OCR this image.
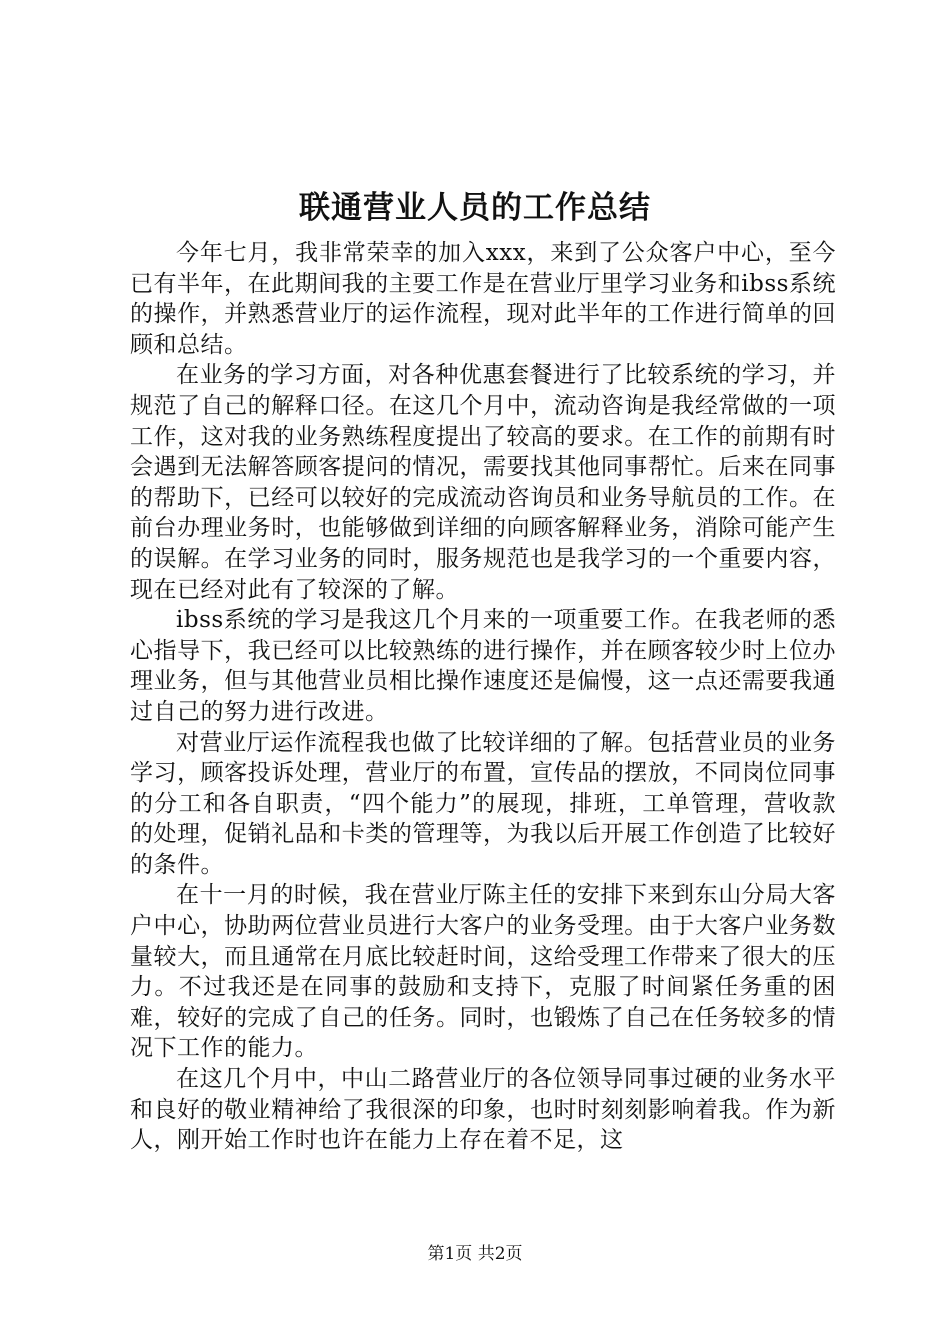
联通营业人员的工作总结

今年七月，我非常荣幸的加入xxx，来到了公众客户中心，至今已有半年，在此期间我的主要工作是在营业厅里学习业务和ibss系统的操作，并熟悉营业厅的运作流程，现对此半年的工作进行简单的回顾和总结。

在业务的学习方面，对各种优惠套餐进行了比较系统的学习，并规范了自己的解释口径。在这几个月中，流动咨询是我经常做的一项工作，这对我的业务熟练程度提出了较高的要求。在工作的前期有时会遇到无法解答顾客提问的情况，需要找其他同事帮忙。后来在同事的帮助下，已经可以较好的完成流动咨询员和业务导航员的工作。在前台办理业务时，也能够做到详细的向顾客解释业务，消除可能产生的误解。在学习业务的同时，服务规范也是我学习的一个重要内容，现在已经对此有了较深的了解。

ibss系统的学习是我这几个月来的一项重要工作。在我老师的悉心指导下，我已经可以比较熟练的进行操作，并在顾客较少时上位办理业务，但与其他营业员相比操作速度还是偏慢，这一点还需要我通过自己的努力进行改进。

对营业厅运作流程我也做了比较详细的了解。包括营业员的业务学习，顾客投诉处理，营业厅的布置，宣传品的摆放，不同岗位同事的分工和各自职责，“四个能力”的展现，排班，工单管理，营收款的处理，促销礼品和卡类的管理等，为我以后开展工作创造了比较好的条件。

在十一月的时候，我在营业厅陈主任的安排下来到东山分局大客户中心，协助两位营业员进行大客户的业务受理。由于大客户业务数量较大，而且通常在月底比较赶时间，这给受理工作带来了很大的压力。不过我还是在同事的鼓励和支持下，克服了时间紧任务重的困难，较好的完成了自己的任务。同时，也锻炼了自己在任务较多的情况下工作的能力。

在这几个月中，中山二路营业厅的各位领导同事过硬的业务水平和良好的敬业精神给了我很深的印象，也时时刻刻影响着我。作为新人，刚开始工作时也许在能力上存在着不足，这

第1页 共2页
